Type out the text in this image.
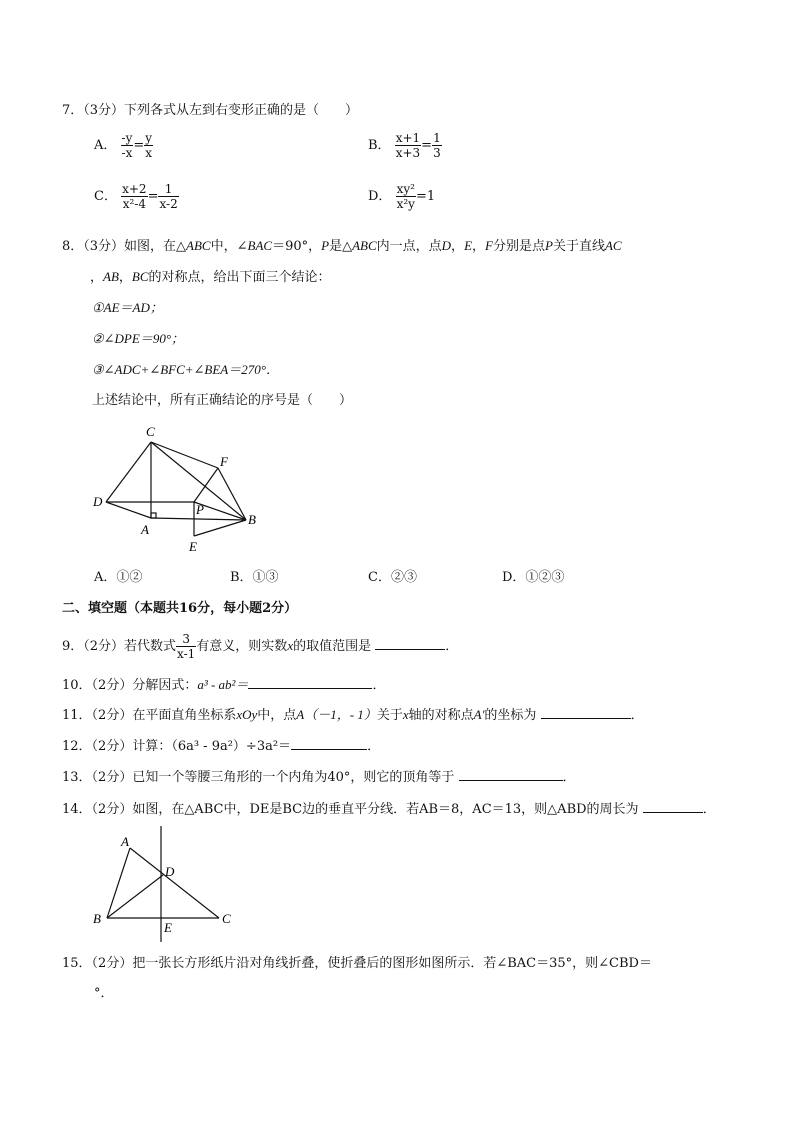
7．（3分）下列各式从左到右变形正确的是（　　）
A． $\frac{-y}{-x} = \frac{y}{x}$	B． $\frac{x+1}{x+3} = \frac{1}{3}$
C． $\frac{x+2}{\text{x²-4}} = \frac{1}{x-2}$	D． $\frac{\text{xy²}}{\text{x²y}} =1$
8．（3分）如图，在△ABC中，∠BAC＝90°，P是△ABC内一点，点D，E，F分别是点P关于直线AC
，AB，BC的对称点，给出下面三个结论：
①AE＝AD；
②∠DPE＝90°；
③∠ADC+∠BFC+∠BEA＝270°．
上述结论中，所有正确结论的序号是（　　）
C
F
D
P
A
B
E
A．①②	B．①③	C．②③	D．①②③
二、填空题（本题共16分，每小题2分）
9．（2分）若代数式 $\frac{3}{x-1}$ 有意义，则实数x的取值范围是	．
10．（2分）分解因式：a³ - ab²＝	．
11．（2分）在平面直角坐标系xOy中，点A（－1，- 1）关于x轴的对称点A′的坐标为	．
12．（2分）计算：（6a³ - 9a²）÷3a²＝	．
13．（2分）已知一个等腰三角形的一个内角为40°，则它的顶角等于	．
14．（2分）如图，在△ABC中，DE是BC边的垂直平分线．若AB＝8，AC＝13，则△ABD的周长为	．
A
D
B
E
C
15．（2分）把一张长方形纸片沿对角线折叠，使折叠后的图形如图所示．若∠BAC＝35°，则∠CBD＝
°．
